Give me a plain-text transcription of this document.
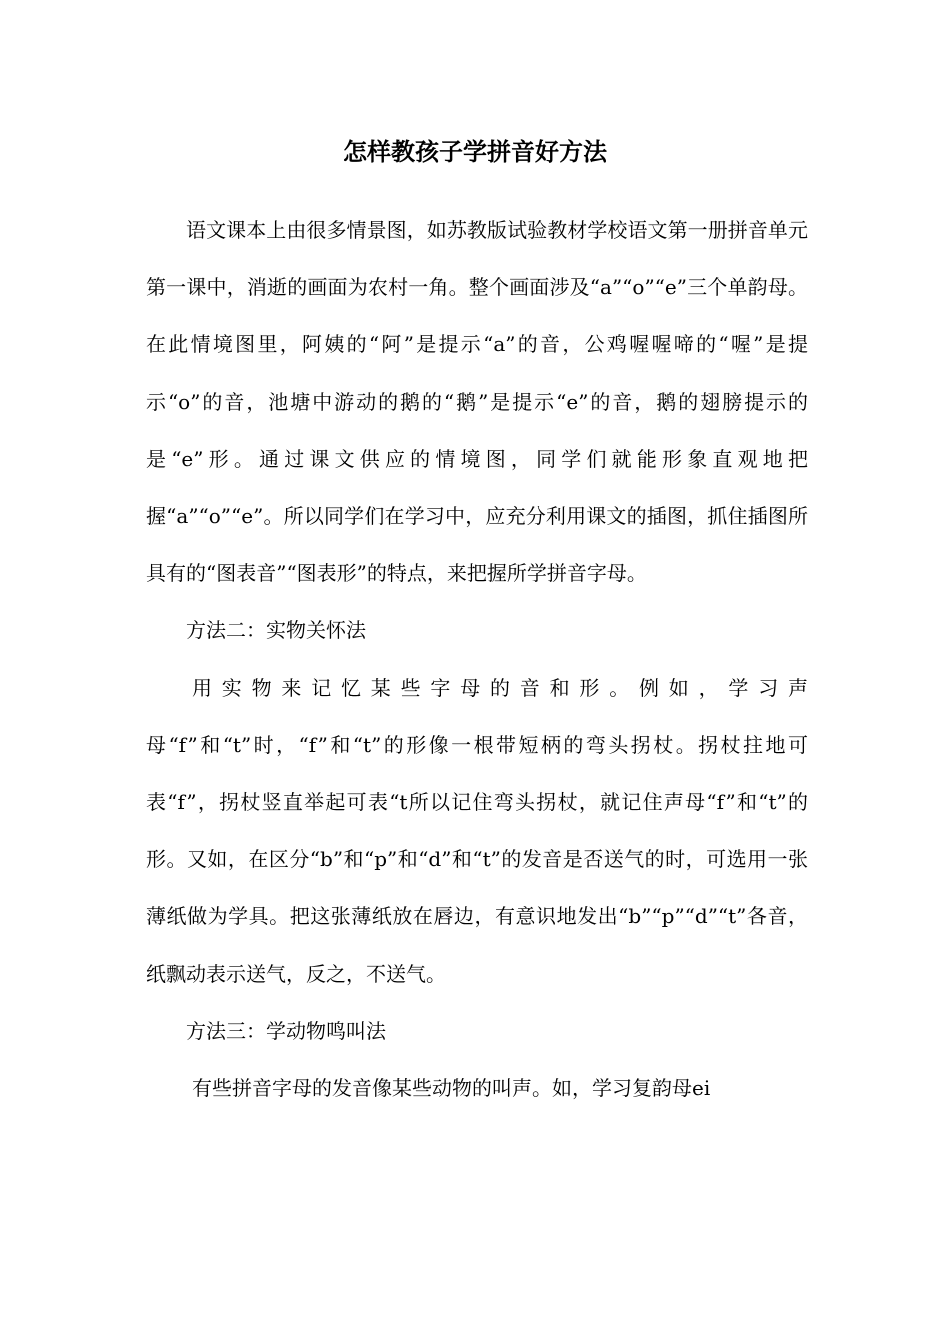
怎样教孩子学拼音好方法

语文课本上由很多情景图，如苏教版试验教材学校语文第一册拼音单元第一课中，消逝的画面为农村一角。整个画面涉及“a”“o”“e”三个单韵母。在此情境图里，阿姨的“阿”是提示“a”的音，公鸡喔喔啼的“喔”是提示“o”的音，池塘中游动的鹅的“鹅”是提示“e”的音，鹅的翅膀提示的是“e”形。通过课文供应的情境图，同学们就能形象直观地把握“a”“o”“e”。所以同学们在学习中，应充分利用课文的插图，抓住插图所具有的“图表音”“图表形”的特点，来把握所学拼音字母。

方法二：实物关怀法

用实物来记忆某些字母的音和形。例如，学习声母“f”和“t”时，“f”和“t”的形像一根带短柄的弯头拐杖。拐杖拄地可表“f”，拐杖竖直举起可表“t所以记住弯头拐杖，就记住声母“f”和“t”的形。又如，在区分“b”和“p”和“d”和“t”的发音是否送气的时，可选用一张薄纸做为学具。把这张薄纸放在唇边，有意识地发出“b”“p”“d”“t”各音，纸飘动表示送气，反之，不送气。

方法三：学动物鸣叫法

有些拼音字母的发音像某些动物的叫声。如，学习复韵母ei
